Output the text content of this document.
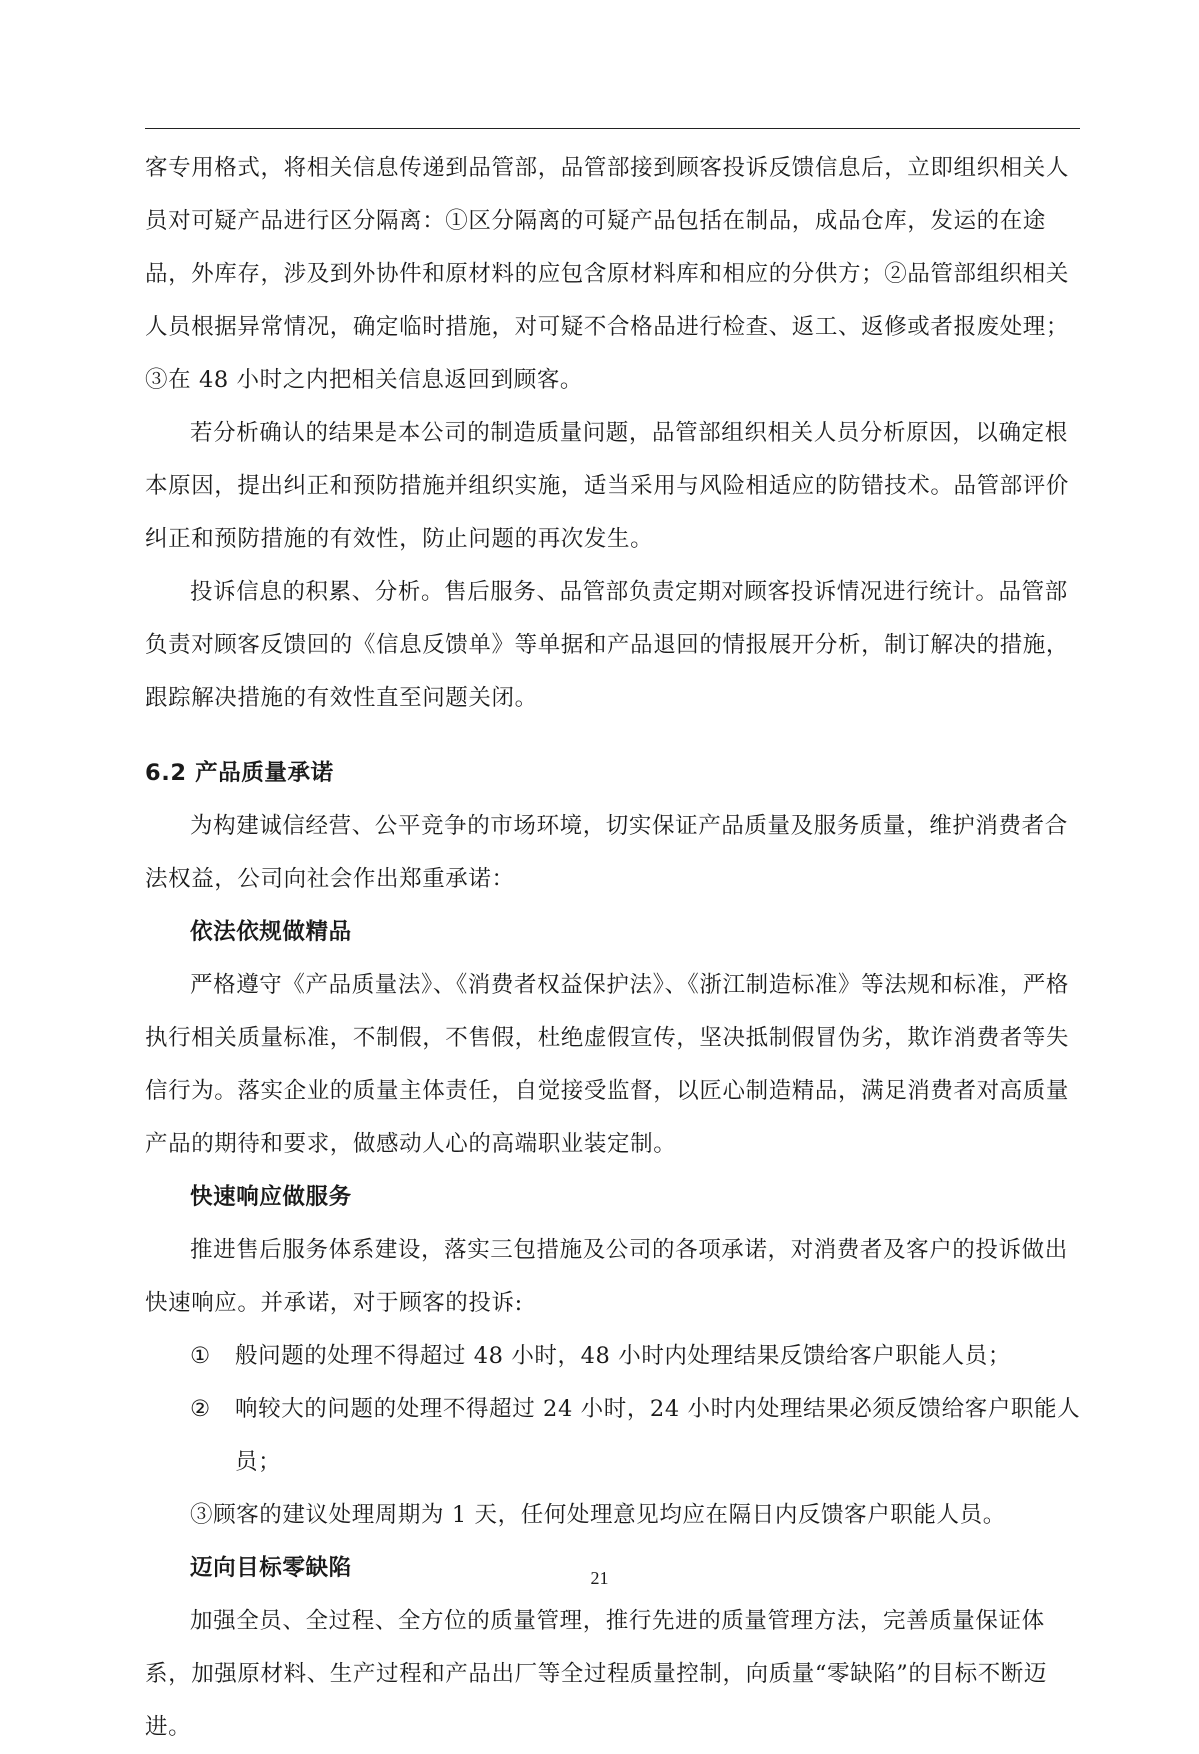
客专用格式，将相关信息传递到品管部，品管部接到顾客投诉反馈信息后，立即组织相关人员对可疑产品进行区分隔离：①区分隔离的可疑产品包括在制品，成品仓库，发运的在途品，外库存，涉及到外协件和原材料的应包含原材料库和相应的分供方；②品管部组织相关人员根据异常情况，确定临时措施，对可疑不合格品进行检查、返工、返修或者报废处理；③在 48 小时之内把相关信息返回到顾客。

若分析确认的结果是本公司的制造质量问题，品管部组织相关人员分析原因，以确定根本原因，提出纠正和预防措施并组织实施，适当采用与风险相适应的防错技术。品管部评价纠正和预防措施的有效性，防止问题的再次发生。

投诉信息的积累、分析。售后服务、品管部负责定期对顾客投诉情况进行统计。品管部负责对顾客反馈回的《信息反馈单》等单据和产品退回的情报展开分析，制订解决的措施，跟踪解决措施的有效性直至问题关闭。

6.2 产品质量承诺

为构建诚信经营、公平竞争的市场环境，切实保证产品质量及服务质量，维护消费者合法权益，公司向社会作出郑重承诺：

依法依规做精品

严格遵守《产品质量法》、《消费者权益保护法》、《浙江制造标准》等法规和标准，严格执行相关质量标准，不制假，不售假，杜绝虚假宣传，坚决抵制假冒伪劣，欺诈消费者等失信行为。落实企业的质量主体责任，自觉接受监督，以匠心制造精品，满足消费者对高质量产品的期待和要求，做感动人心的高端职业装定制。

快速响应做服务

推进售后服务体系建设，落实三包措施及公司的各项承诺，对消费者及客户的投诉做出快速响应。并承诺，对于顾客的投诉:

①	般问题的处理不得超过 48 小时，48 小时内处理结果反馈给客户职能人员；
②	响较大的问题的处理不得超过 24 小时，24 小时内处理结果必须反馈给客户职能人

员；

③顾客的建议处理周期为 1 天，任何处理意见均应在隔日内反馈客户职能人员。

迈向目标零缺陷

加强全员、全过程、全方位的质量管理，推行先进的质量管理方法，完善质量保证体系，加强原材料、生产过程和产品出厂等全过程质量控制，向质量“零缺陷”的目标不断迈进。

21
